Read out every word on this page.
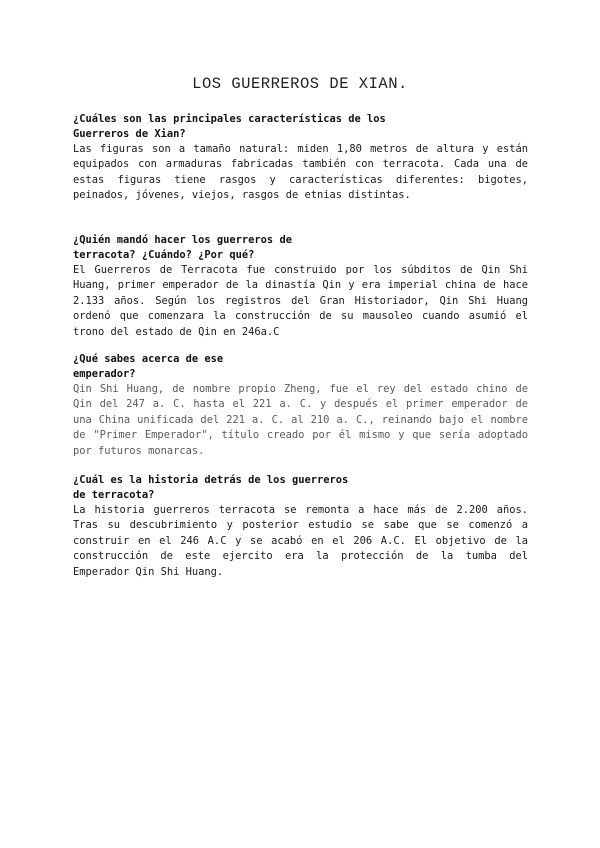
LOS GUERREROS DE XIAN.

¿Cuáles son las principales características de los
Guerreros de Xian?

Las figuras son a tamaño natural: miden 1,80 metros de altura y están equipados con armaduras fabricadas también con terracota. Cada una de estas figuras tiene rasgos y características diferentes: bigotes, peinados, jóvenes, viejos, rasgos de etnias distintas.

¿Quién mandó hacer los guerreros de
terracota? ¿Cuándo? ¿Por qué?

El Guerreros de Terracota fue construido por los súbditos de Qin Shi Huang, primer emperador de la dinastía Qin y era imperial china de hace 2.133 años. Según los registros del Gran Historiador, Qin Shi Huang ordenó que comenzara la construcción de su mausoleo cuando asumió el trono del estado de Qin en 246a.C

¿Qué sabes acerca de ese
emperador?

Qin Shi Huang, de nombre propio Zheng, fue el rey del estado chino de Qin del 247 a. C. hasta el 221 a. C. y después el primer emperador de una China unificada del 221 a. C. al 210 a. C., reinando bajo el nombre de "Primer Emperador", título creado por él mismo y que sería adoptado por futuros monarcas.

¿Cuál es la historia detrás de los guerreros
de terracota?

La historia guerreros terracota se remonta a hace más de 2.200 años. Tras su descubrimiento y posterior estudio se sabe que se comenzó a construir en el 246 A.C y se acabó en el 206 A.C. El objetivo de la construcción de este ejercito era la protección de la tumba del Emperador Qin Shi Huang.
